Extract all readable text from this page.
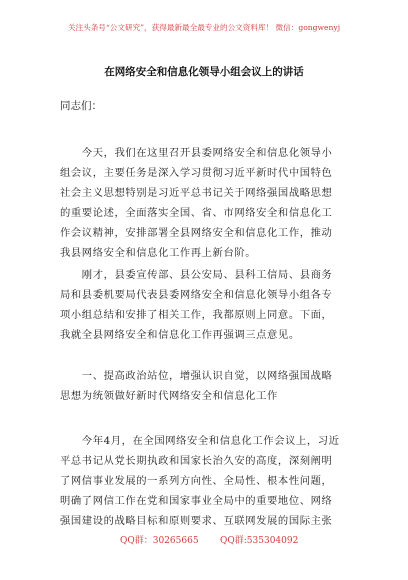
关注头条号“公文研究”，获得最新最全最专业的公文资料库！ 微信：gongwenyj
在网络安全和信息化领导小组会议上的讲话
同志们：
　　今天，我们在这里召开县委网络安全和信息化领导小
组会议，主要任务是深入学习贯彻习近平新时代中国特色
社会主义思想特别是习近平总书记关于网络强国战略思想
的重要论述，全面落实全国、省、市网络安全和信息化工
作会议精神，安排部署全县网络安全和信息化工作，推动
我县网络安全和信息化工作再上新台阶。
　　刚才，县委宣传部、县公安局、县科工信局、县商务
局和县委机要局代表县委网络安全和信息化领导小组各专
项小组总结和安排了相关工作，我都原则上同意。下面，
我就全县网络安全和信息化工作再强调三点意见。
　　一、提高政治站位，增强认识自觉，以网络强国战略
思想为统领做好新时代网络安全和信息化工作
　　今年4月，在全国网络安全和信息化工作会议上，习近
平总书记从党长期执政和国家长治久安的高度，深刻阐明
了网信事业发展的一系列方向性、全局性、根本性问题，
明确了网信工作在党和国家事业全局中的重要地位、网络
强国建设的战略目标和原则要求、互联网发展的国际主张
QQ群：30265665 QQ群:535304092
